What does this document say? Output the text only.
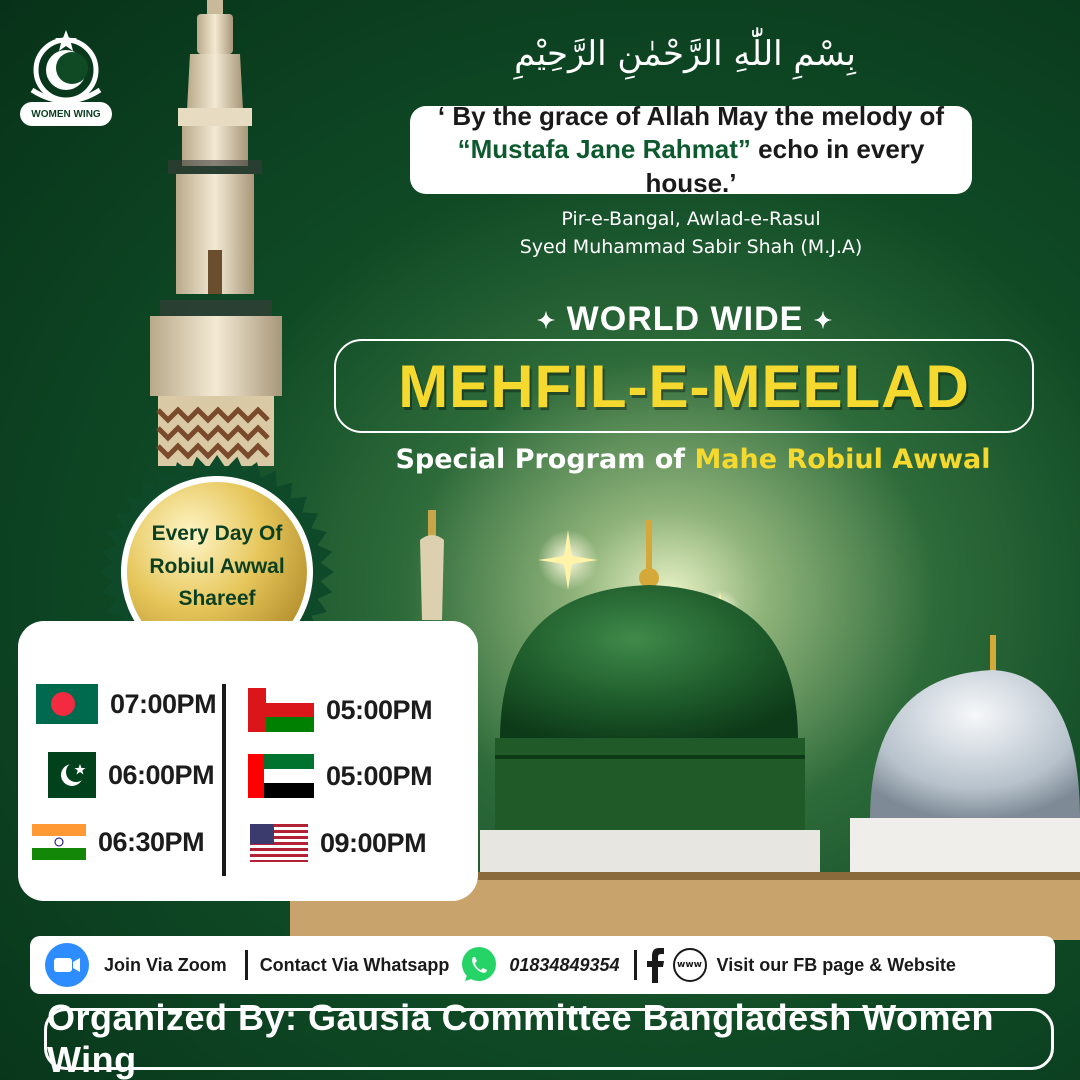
WOMEN WING
بِسْمِ اللّٰهِ الرَّحْمٰنِ الرَّحِيْمِ
‘ By the grace of Allah May the melody of
“Mustafa Jane Rahmat” echo in every house.’
Pir-e-Bangal, Awlad-e-Rasul
Syed Muhammad Sabir Shah (M.J.A)
✦ WORLD WIDE ✦
MEHFIL-E-MEELAD
Special Program of Mahe Robiul Awwal
Every Day Of
Robiul Awwal
Shareef
07:00PM
06:00PM
06:30PM
05:00PM
05:00PM
09:00PM
Join Via Zoom Contact Via Whatsapp	01834849354	www Visit our FB page & Website
Organized By: Gausia Committee Bangladesh Women Wing
